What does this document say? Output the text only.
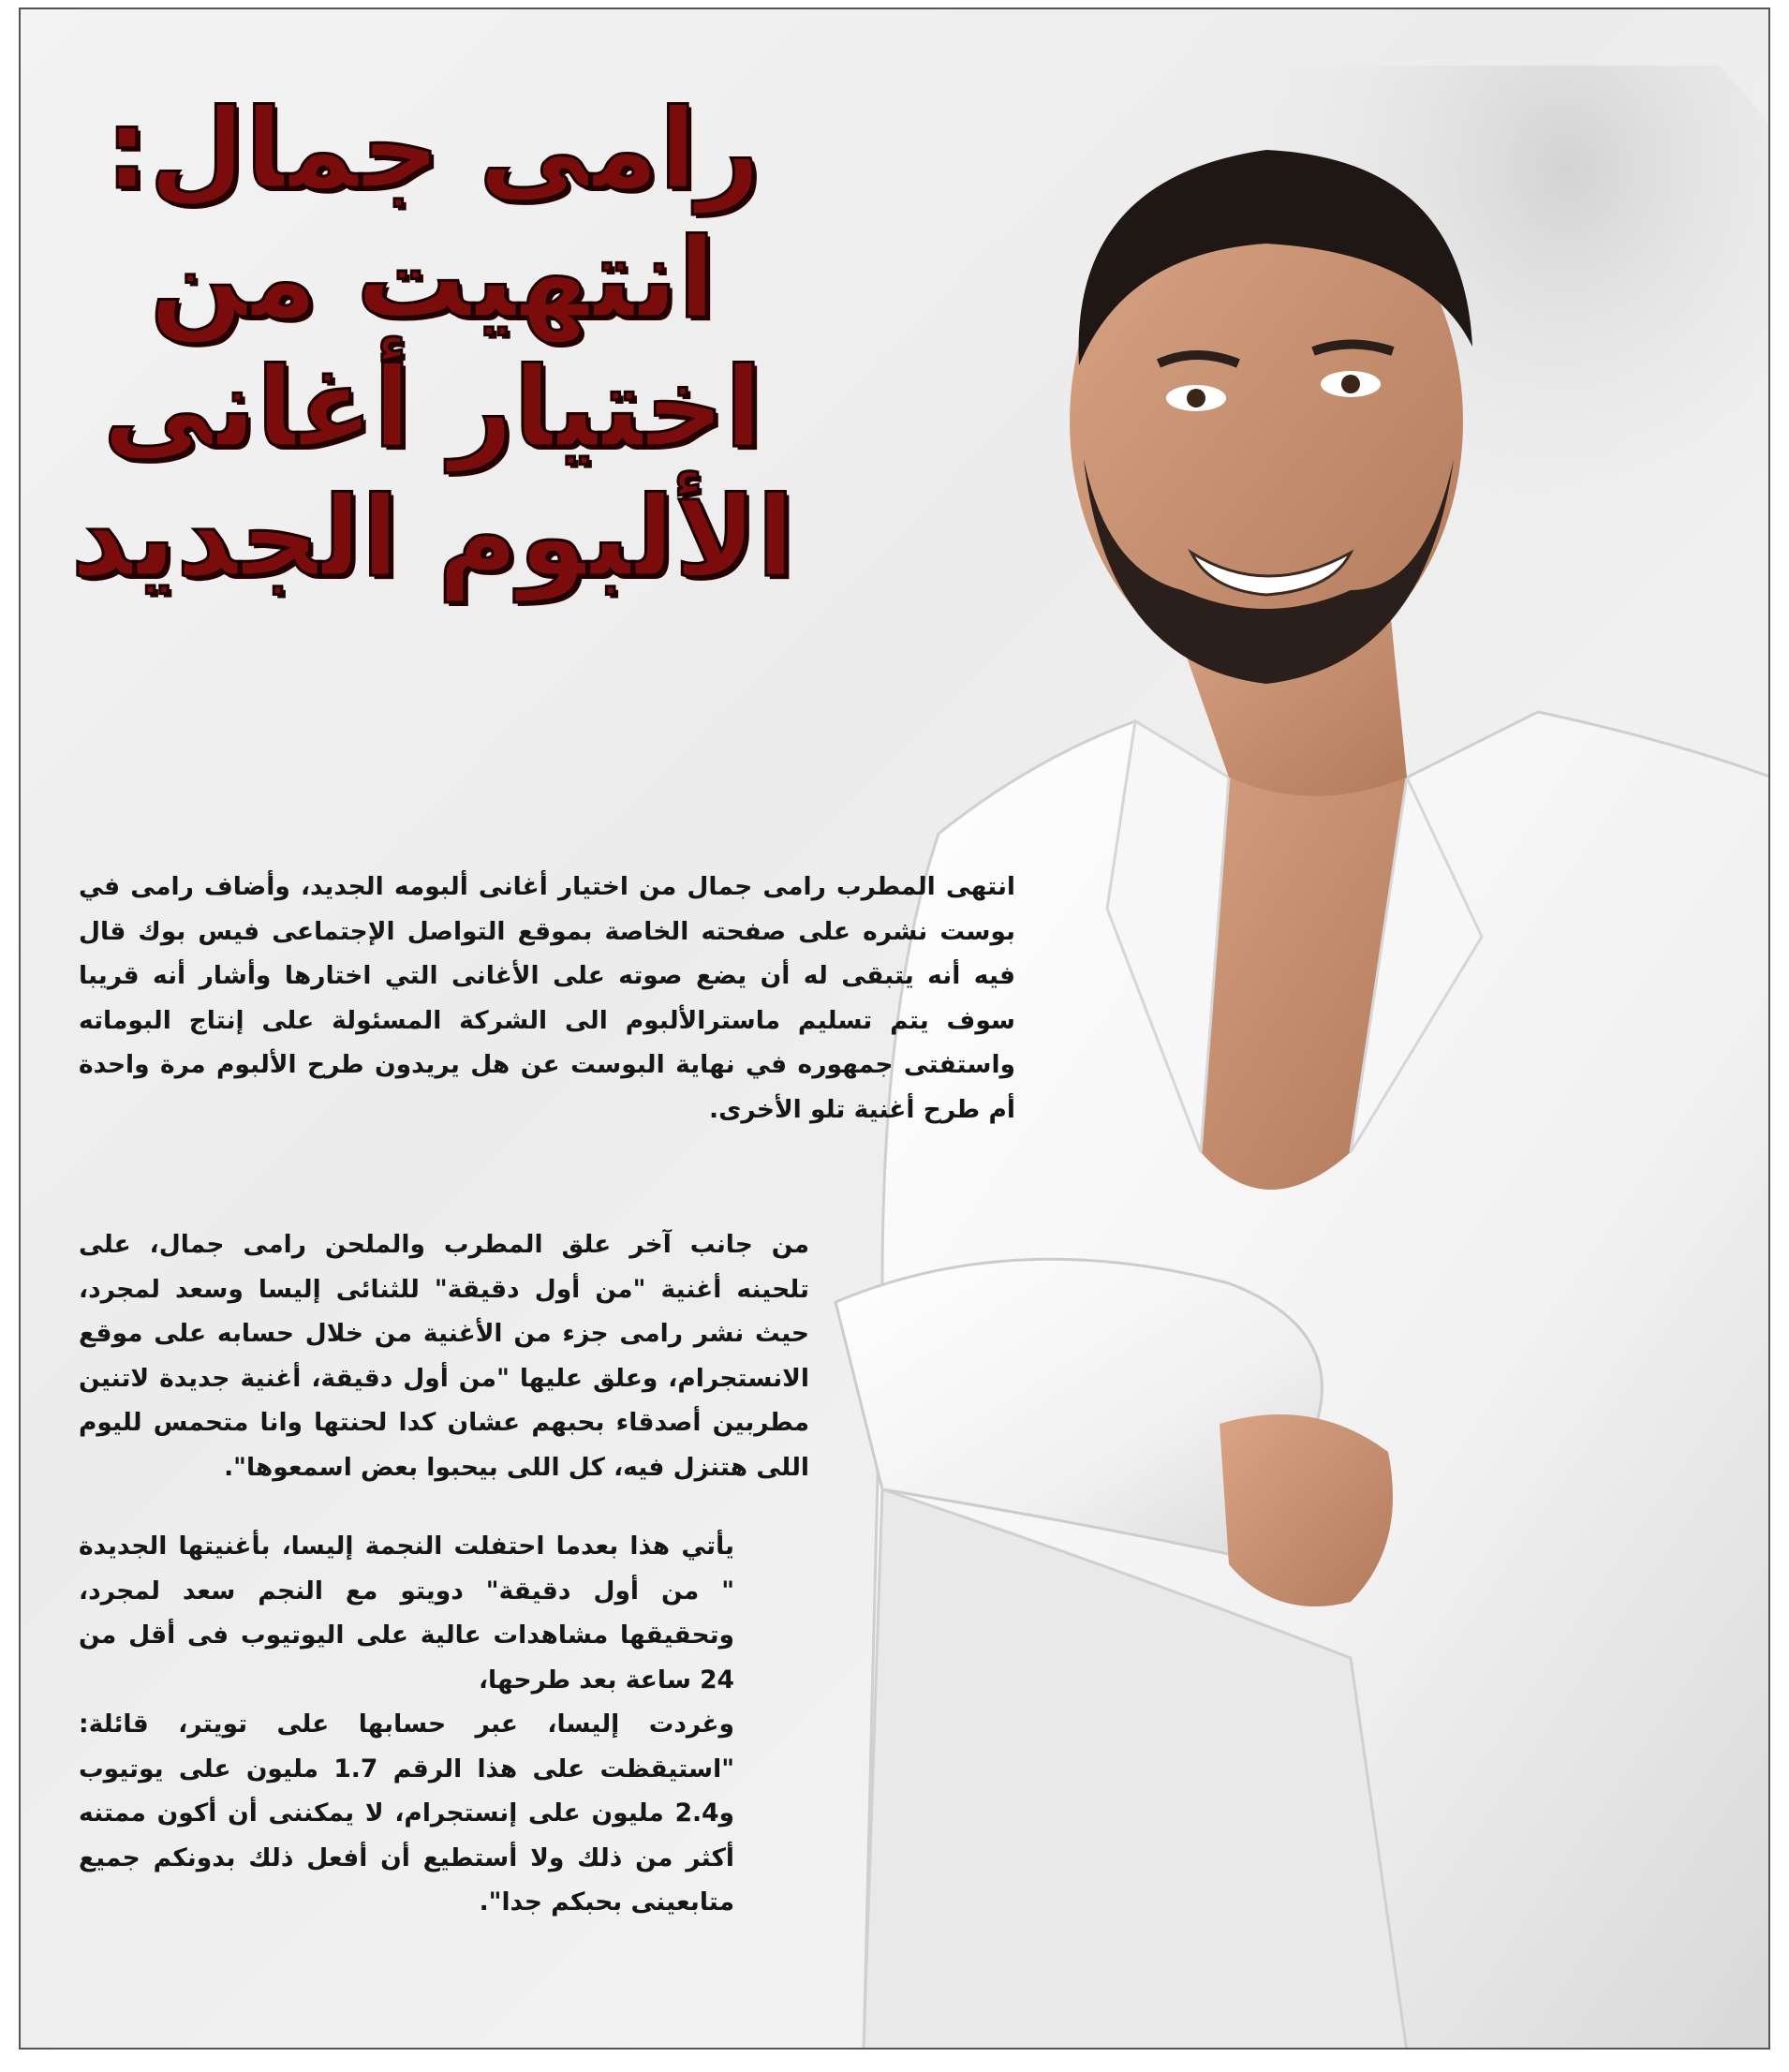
رامى جمال:
انتهيت من
اختيار أغانى
الألبوم الجديد

انتهى المطرب رامى جمال من اختيار أغانى ألبومه الجديد، وأضاف رامى في بوست نشره على صفحته الخاصة بموقع التواصل الإجتماعى فيس بوك قال فيه أنه يتبقى له أن يضع صوته على الأغانى التي اختارها وأشار أنه قريبا سوف يتم تسليم ماسترالألبوم الى الشركة المسئولة على إنتاج البوماته واستفتى جمهوره في نهاية البوست عن هل يريدون طرح الألبوم مرة واحدة أم طرح أغنية تلو الأخرى.

من جانب آخر علق المطرب والملحن رامى جمال، على تلحينه أغنية "من أول دقيقة" للثنائى إليسا وسعد لمجرد، حيث نشر رامى جزء من الأغنية من خلال حسابه على موقع الانستجرام، وعلق عليها "من أول دقيقة، أغنية جديدة لاتنين مطربين أصدقاء بحبهم عشان كدا لحنتها وانا متحمس لليوم اللى هتنزل فيه، كل اللى بيحبوا بعض اسمعوها".

يأتي هذا بعدما احتفلت النجمة إليسا، بأغنيتها الجديدة " من أول دقيقة" دويتو مع النجم سعد لمجرد، وتحقيقها مشاهدات عالية على اليوتيوب فى أقل من 24 ساعة بعد طرحها،

وغردت إليسا، عبر حسابها على تويتر، قائلة: "استيقظت على هذا الرقم 1.7 مليون على يوتيوب و2.4 مليون على إنستجرام، لا يمكننى أن أكون ممتنه أكثر من ذلك ولا أستطيع أن أفعل ذلك بدونكم جميع متابعينى بحبكم جدا".
